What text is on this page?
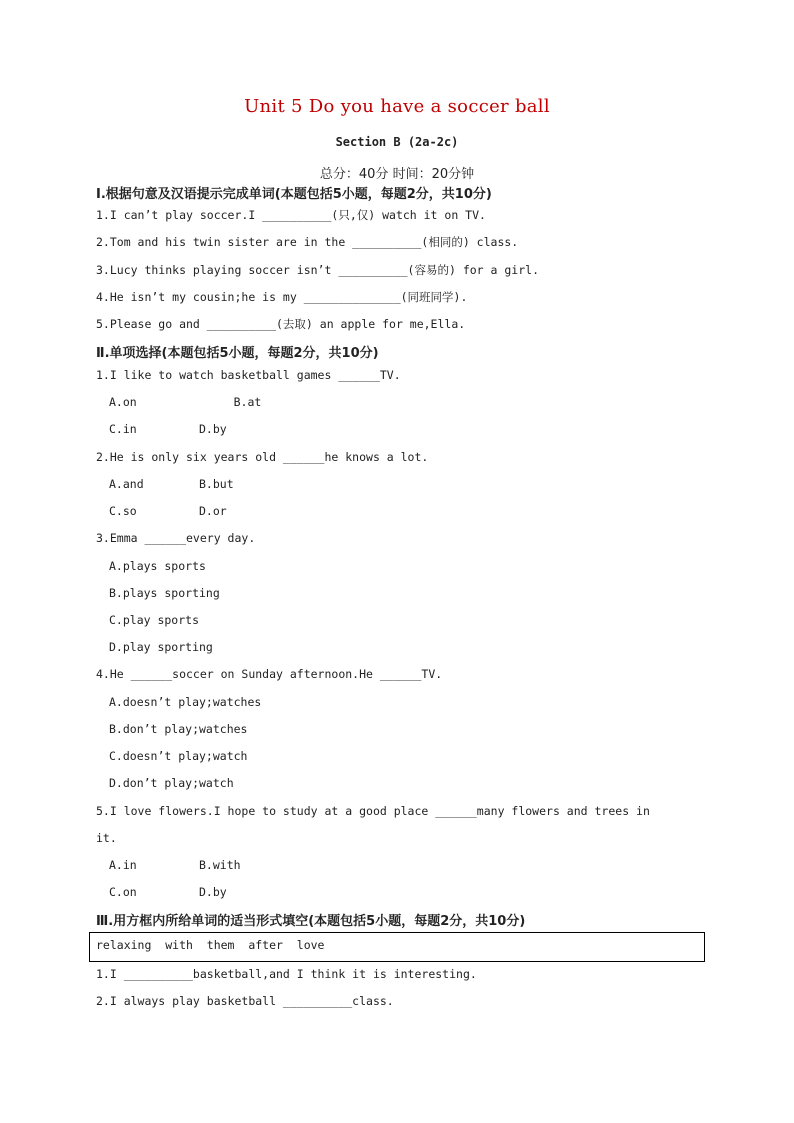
Unit 5 Do you have a soccer ball
Section B (2a-2c)
总分：40分 时间：20分钟
Ⅰ.根据句意及汉语提示完成单词(本题包括5小题，每题2分，共10分)
1.I can’t play soccer.I __________(只,仅) watch it on TV.
2.Tom and his twin sister are in the __________(相同的) class.
3.Lucy thinks playing soccer isn’t __________(容易的) for a girl.
4.He isn’t my cousin;he is my ______________(同班同学).
5.Please go and __________(去取) an apple for me,Ella.
Ⅱ.单项选择(本题包括5小题，每题2分，共10分)
1.I like to watch basketball games ______TV.
A.on              B.at
C.in         D.by
2.He is only six years old ______he knows a lot.
A.and        B.but
C.so         D.or
3.Emma ______every day.
A.plays sports
B.plays sporting
C.play sports
D.play sporting
4.He ______soccer on Sunday afternoon.He ______TV.
A.doesn’t play;watches
B.don’t play;watches
C.doesn’t play;watch
D.don’t play;watch
5.I love flowers.I hope to study at a good place ______many flowers and trees in
it.
A.in         B.with
C.on         D.by
Ⅲ.用方框内所给单词的适当形式填空(本题包括5小题，每题2分，共10分)
relaxing  with  them  after  love
1.I __________basketball,and I think it is interesting.
2.I always play basketball __________class.
